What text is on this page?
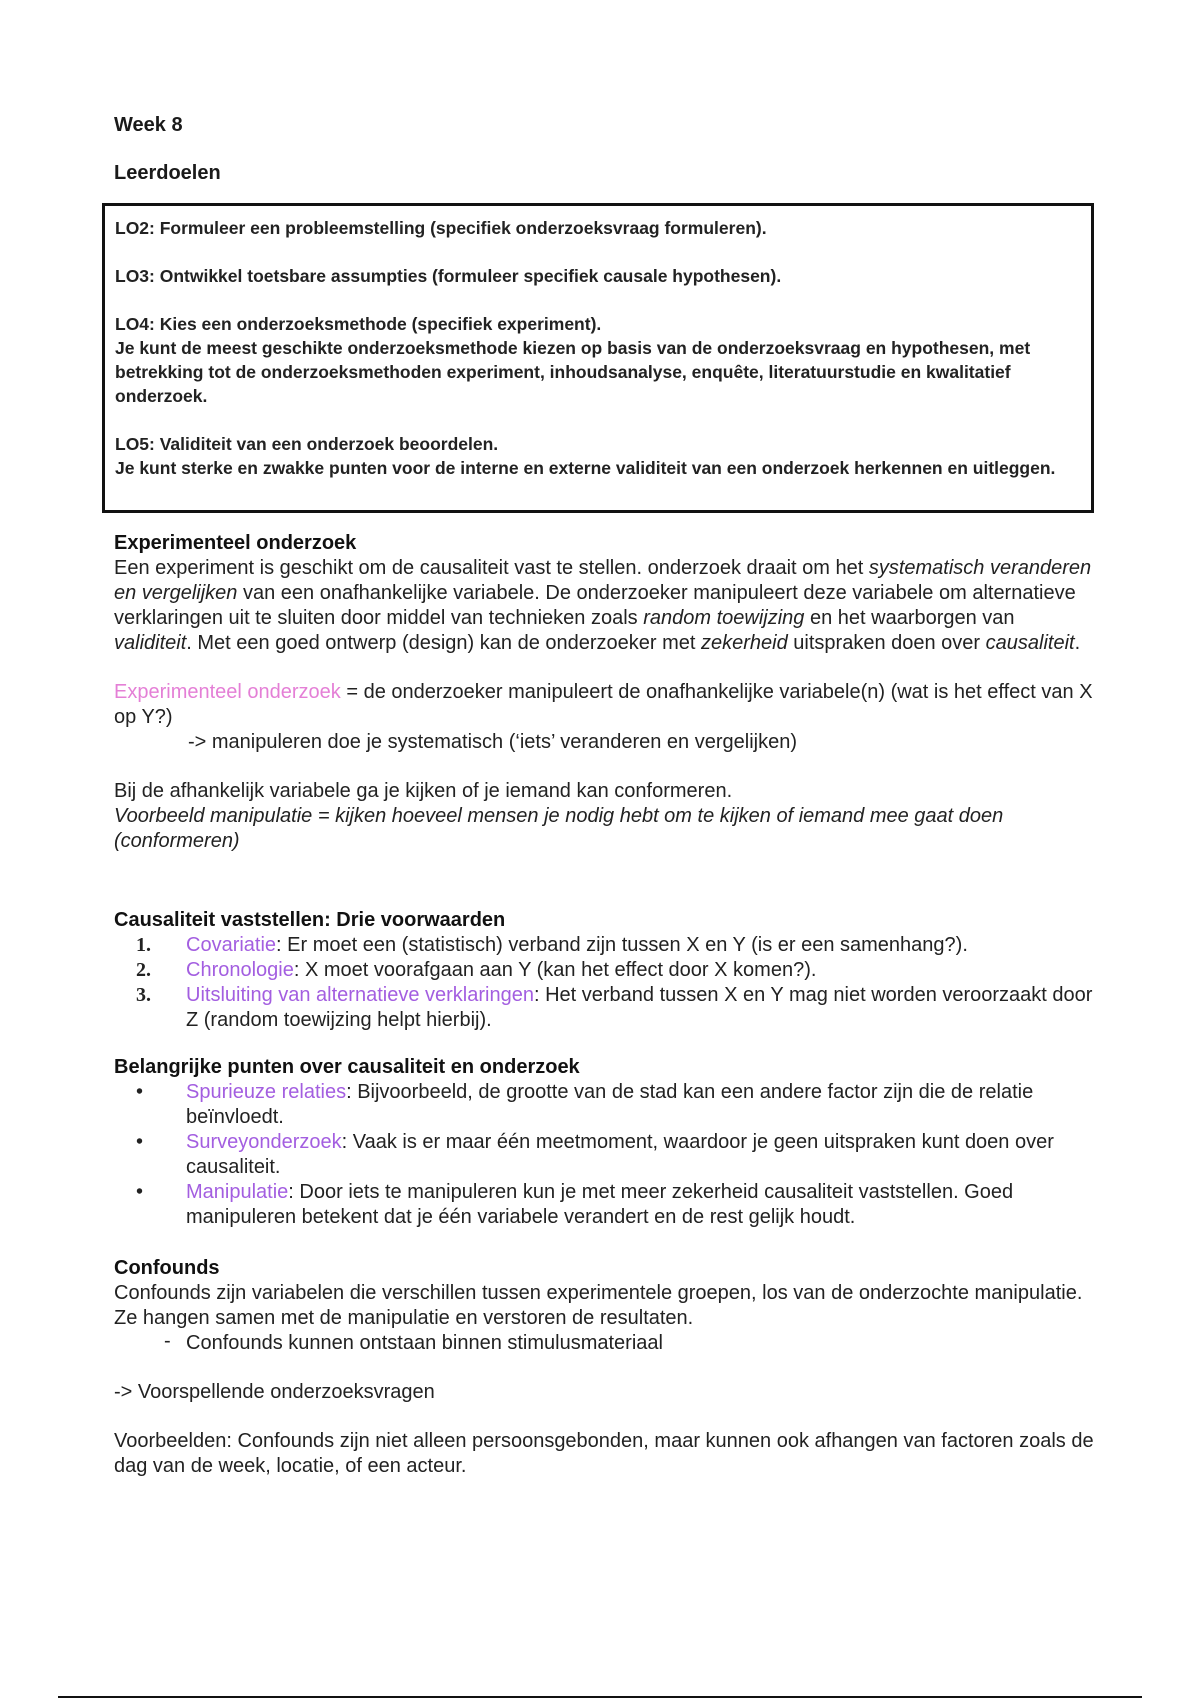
Week 8
Leerdoelen

LO2: Formuleer een probleemstelling (specifiek onderzoeksvraag formuleren).

LO3: Ontwikkel toetsbare assumpties (formuleer specifiek causale hypothesen).

LO4: Kies een onderzoeksmethode (specifiek experiment).

Je kunt de meest geschikte onderzoeksmethode kiezen op basis van de onderzoeksvraag en hypothesen, met betrekking tot de onderzoeksmethoden experiment, inhoudsanalyse, enquête, literatuurstudie en kwalitatief onderzoek.

LO5: Validiteit van een onderzoek beoordelen.

Je kunt sterke en zwakke punten voor de interne en externe validiteit van een onderzoek herkennen en uitleggen.

Experimenteel onderzoek

Een experiment is geschikt om de causaliteit vast te stellen. onderzoek draait om het systematisch veranderen en vergelijken van een onafhankelijke variabele. De onderzoeker manipuleert deze variabele om alternatieve verklaringen uit te sluiten door middel van technieken zoals random toewijzing en het waarborgen van validiteit. Met een goed ontwerp (design) kan de onderzoeker met zekerheid uitspraken doen over causaliteit.

Experimenteel onderzoek = de onderzoeker manipuleert de onafhankelijke variabele(n) (wat is het effect van X op Y?)

-> manipuleren doe je systematisch (‘iets’ veranderen en vergelijken)

Bij de afhankelijk variabele ga je kijken of je iemand kan conformeren.

Voorbeeld manipulatie = kijken hoeveel mensen je nodig hebt om te kijken of iemand mee gaat doen (conformeren)

Causaliteit vaststellen: Drie voorwaarden

1. Covariatie: Er moet een (statistisch) verband zijn tussen X en Y (is er een samenhang?).
2. Chronologie: X moet voorafgaan aan Y (kan het effect door X komen?).
3. Uitsluiting van alternatieve verklaringen: Het verband tussen X en Y mag niet worden veroorzaakt door Z (random toewijzing helpt hierbij).

Belangrijke punten over causaliteit en onderzoek

• Spurieuze relaties: Bijvoorbeeld, de grootte van de stad kan een andere factor zijn die de relatie beïnvloedt.
• Surveyonderzoek: Vaak is er maar één meetmoment, waardoor je geen uitspraken kunt doen over causaliteit.
• Manipulatie: Door iets te manipuleren kun je met meer zekerheid causaliteit vaststellen. Goed manipuleren betekent dat je één variabele verandert en de rest gelijk houdt.

Confounds

Confounds zijn variabelen die verschillen tussen experimentele groepen, los van de onderzochte manipulatie. Ze hangen samen met de manipulatie en verstoren de resultaten.

- Confounds kunnen ontstaan binnen stimulusmateriaal

-> Voorspellende onderzoeksvragen

Voorbeelden: Confounds zijn niet alleen persoonsgebonden, maar kunnen ook afhangen van factoren zoals de dag van de week, locatie, of een acteur.
